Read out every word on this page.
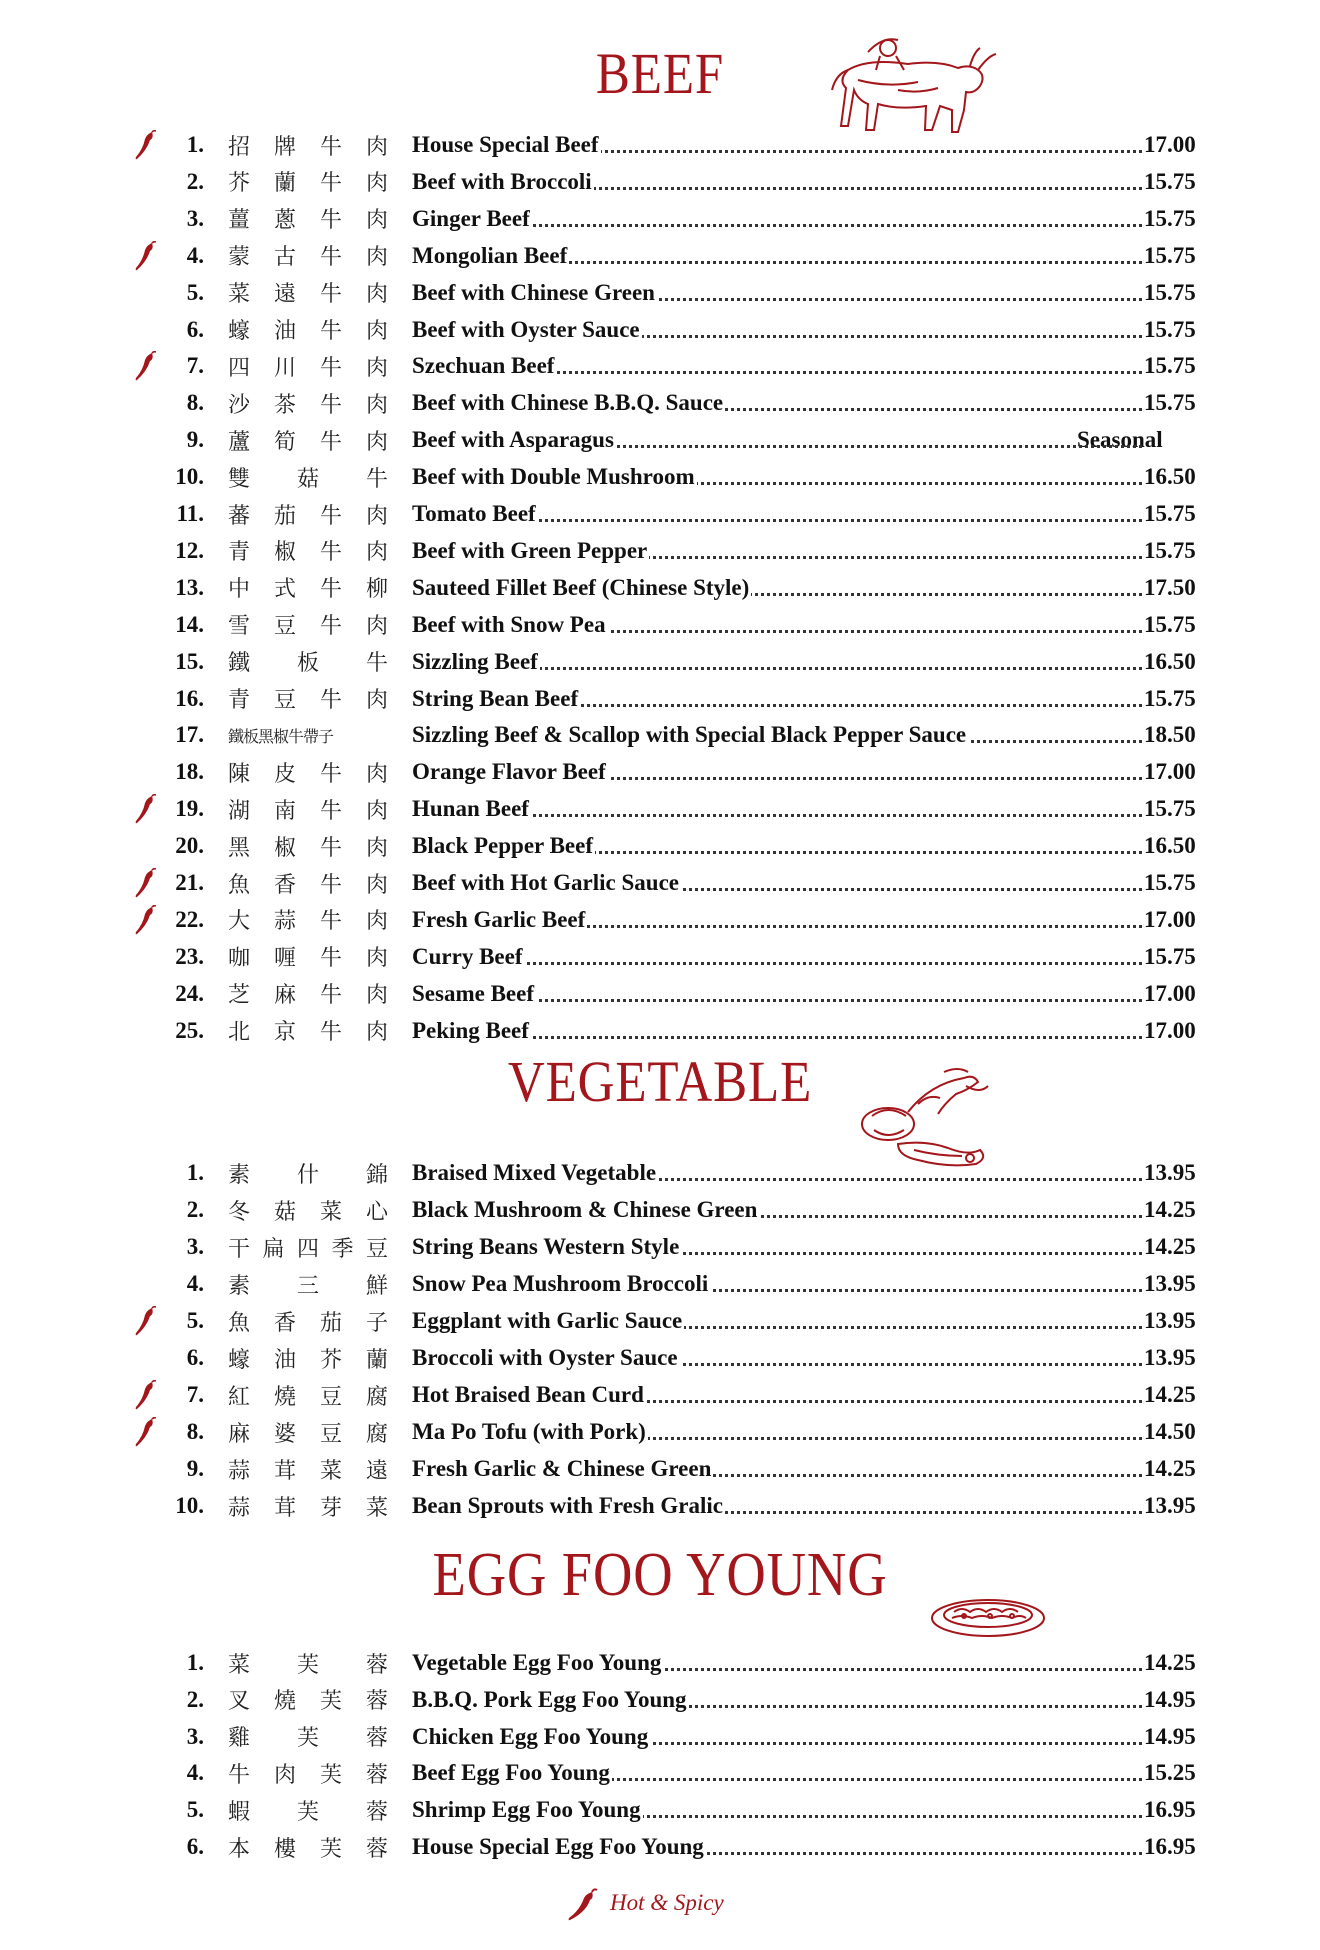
BEEF
VEGETABLE
EGG FOO YOUNG
1. 招 牌 牛 肉 House Special Beef	17.00
2. 芥 蘭 牛 肉 Beef with Broccoli	15.75
3. 薑 蔥 牛 肉 Ginger Beef	15.75
4. 蒙 古 牛 肉 Mongolian Beef	15.75
5. 菜 遠 牛 肉 Beef with Chinese Green	15.75
6. 蠔 油 牛 肉 Beef with Oyster Sauce	15.75
7. 四 川 牛 肉 Szechuan Beef	15.75
8. 沙 茶 牛 肉 Beef with Chinese B.B.Q. Sauce	15.75
9. 蘆 筍 牛 肉 Beef with Asparagus	Seasonal
10. 雙 菇 牛 Beef with Double Mushroom	16.50
11. 蕃 茄 牛 肉 Tomato Beef	15.75
12. 青 椒 牛 肉 Beef with Green Pepper	15.75
13. 中 式 牛 柳 Sauteed Fillet Beef (Chinese Style)	17.50
14. 雪 豆 牛 肉 Beef with Snow Pea	15.75
15. 鐵 板 牛 Sizzling Beef	16.50
16. 青 豆 牛 肉 String Bean Beef	15.75
17. 鐵板黑椒牛帶子	Sizzling Beef & Scallop with Special Black Pepper Sauce	18.50
18. 陳 皮 牛 肉 Orange Flavor Beef	17.00
19. 湖 南 牛 肉 Hunan Beef	15.75
20. 黑 椒 牛 肉 Black Pepper Beef	16.50
21. 魚 香 牛 肉 Beef with Hot Garlic Sauce	15.75
22. 大 蒜 牛 肉 Fresh Garlic Beef	17.00
23. 咖 喱 牛 肉 Curry Beef	15.75
24. 芝 麻 牛 肉 Sesame Beef	17.00
25. 北 京 牛 肉 Peking Beef	17.00
1. 素 什 錦 Braised Mixed Vegetable	13.95
2. 冬 菇 菜 心 Black Mushroom & Chinese Green	14.25
3. 干 扁 四 季 豆 String Beans Western Style	14.25
4. 素 三 鮮 Snow Pea Mushroom Broccoli	13.95
5. 魚 香 茄 子 Eggplant with Garlic Sauce	13.95
6. 蠔 油 芥 蘭 Broccoli with Oyster Sauce	13.95
7. 紅 燒 豆 腐 Hot Braised Bean Curd	14.25
8. 麻 婆 豆 腐 Ma Po Tofu (with Pork)	14.50
9. 蒜 茸 菜 遠 Fresh Garlic & Chinese Green	14.25
10. 蒜 茸 芽 菜 Bean Sprouts with Fresh Gralic	13.95
1. 菜 芙 蓉 Vegetable Egg Foo Young	14.25
2. 叉 燒 芙 蓉 B.B.Q. Pork Egg Foo Young	14.95
3. 雞 芙 蓉 Chicken Egg Foo Young	14.95
4. 牛 肉 芙 蓉 Beef Egg Foo Young	15.25
5. 蝦 芙 蓉 Shrimp Egg Foo Young	16.95
6. 本 樓 芙 蓉 House Special Egg Foo Young	16.95
Hot & Spicy
